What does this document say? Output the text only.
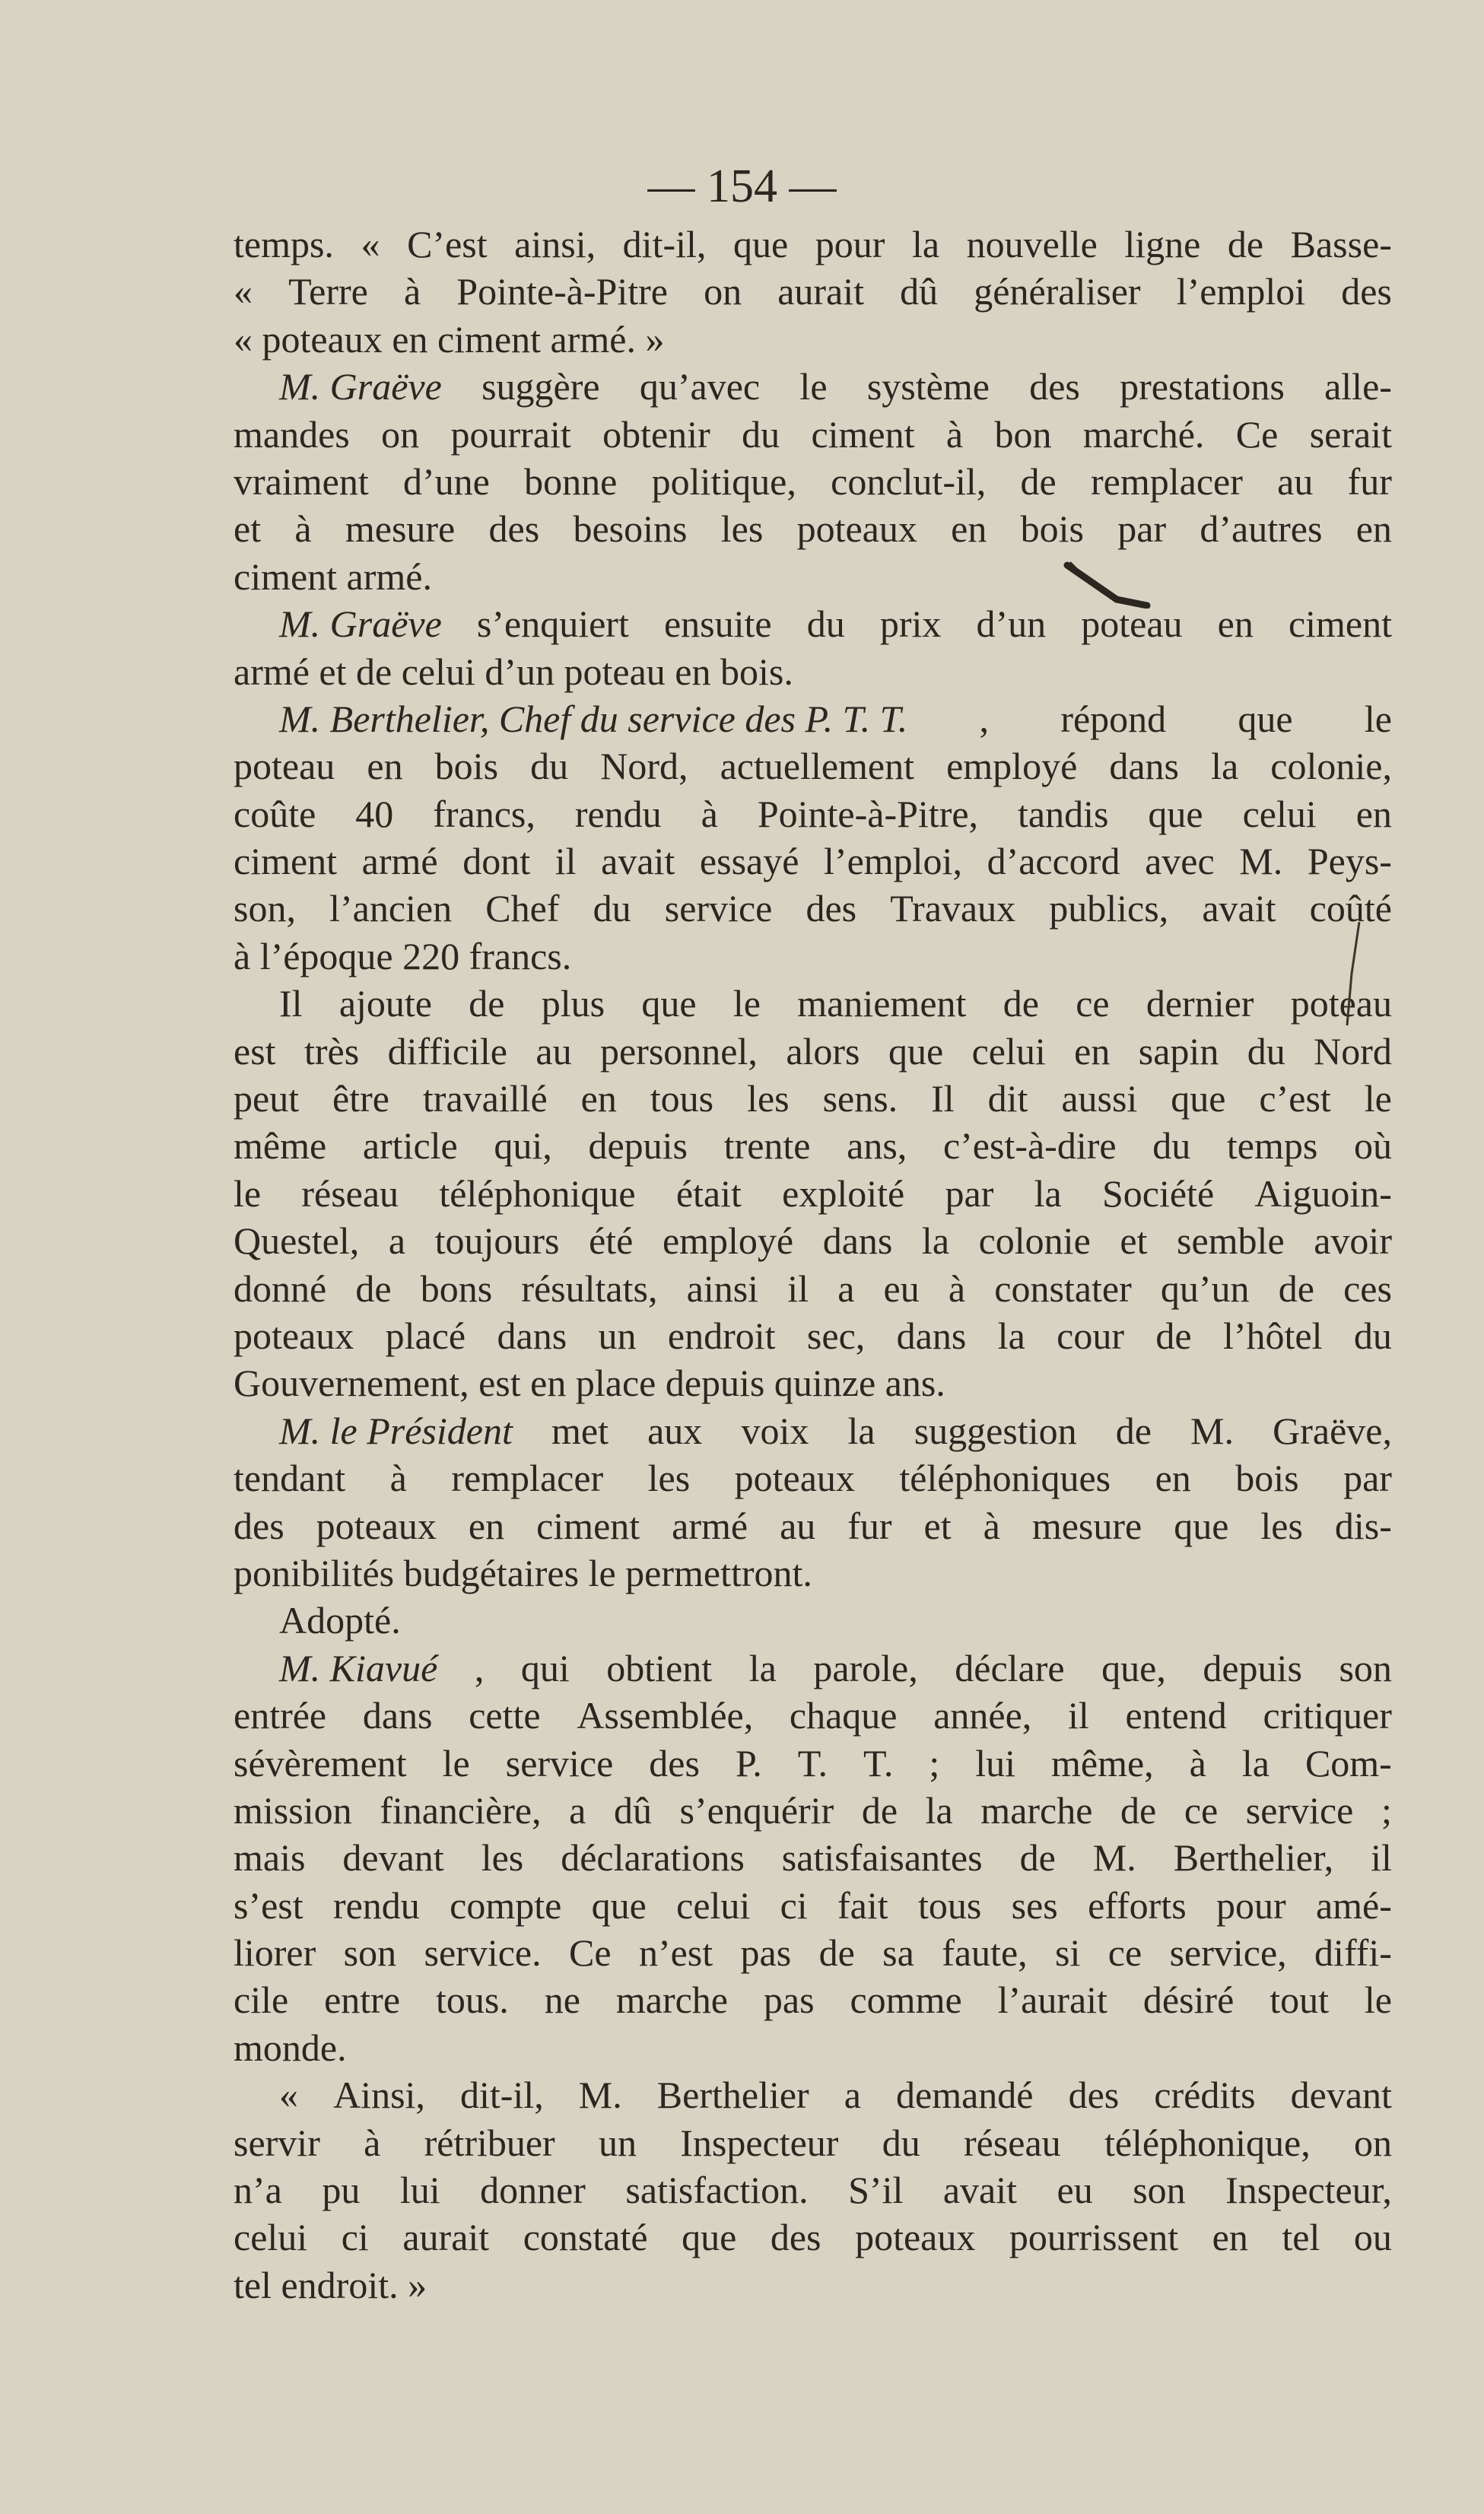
— 154 —
temps. « C’est ainsi, dit-il, que pour la nouvelle ligne de Basse-
« Terre à Pointe-à-Pitre on aurait dû généraliser l’emploi des
« poteaux en ciment armé. »
M. Graëve suggère qu’avec le système des prestations alle-
mandes on pourrait obtenir du ciment à bon marché. Ce serait
vraiment d’une bonne politique, conclut-il, de remplacer au fur
et à mesure des besoins les poteaux en bois par d’autres en
ciment armé.
M. Graëve s’enquiert ensuite du prix d’un poteau en ciment
armé et de celui d’un poteau en bois.
M. Berthelier, Chef du service des P. T. T. , répond que le
poteau en bois du Nord, actuellement employé dans la colonie,
coûte 40 francs, rendu à Pointe-à-Pitre, tandis que celui en
ciment armé dont il avait essayé l’emploi, d’accord avec M. Peys-
son, l’ancien Chef du service des Travaux publics, avait coûté
à l’époque 220 francs.
Il ajoute de plus que le maniement de ce dernier poteau
est très difficile au personnel, alors que celui en sapin du Nord
peut être travaillé en tous les sens. Il dit aussi que c’est le
même article qui, depuis trente ans, c’est-à-dire du temps où
le réseau téléphonique était exploité par la Société Aiguoin-
Questel, a toujours été employé dans la colonie et semble avoir
donné de bons résultats, ainsi il a eu à constater qu’un de ces
poteaux placé dans un endroit sec, dans la cour de l’hôtel du
Gouvernement, est en place depuis quinze ans.
M. le Président met aux voix la suggestion de M. Graëve,
tendant à remplacer les poteaux téléphoniques en bois par
des poteaux en ciment armé au fur et à mesure que les dis-
ponibilités budgétaires le permettront.
Adopté.
M. Kiavué , qui obtient la parole, déclare que, depuis son
entrée dans cette Assemblée, chaque année, il entend critiquer
sévèrement le service des P. T. T. ; lui même, à la Com-
mission financière, a dû s’enquérir de la marche de ce service ;
mais devant les déclarations satisfaisantes de M. Berthelier, il
s’est rendu compte que celui ci fait tous ses efforts pour amé-
liorer son service. Ce n’est pas de sa faute, si ce service, diffi-
cile entre tous. ne marche pas comme l’aurait désiré tout le
monde.
« Ainsi, dit-il, M. Berthelier a demandé des crédits devant
servir à rétribuer un Inspecteur du réseau téléphonique, on
n’a pu lui donner satisfaction. S’il avait eu son Inspecteur,
celui ci aurait constaté que des poteaux pourrissent en tel ou
tel endroit. »
